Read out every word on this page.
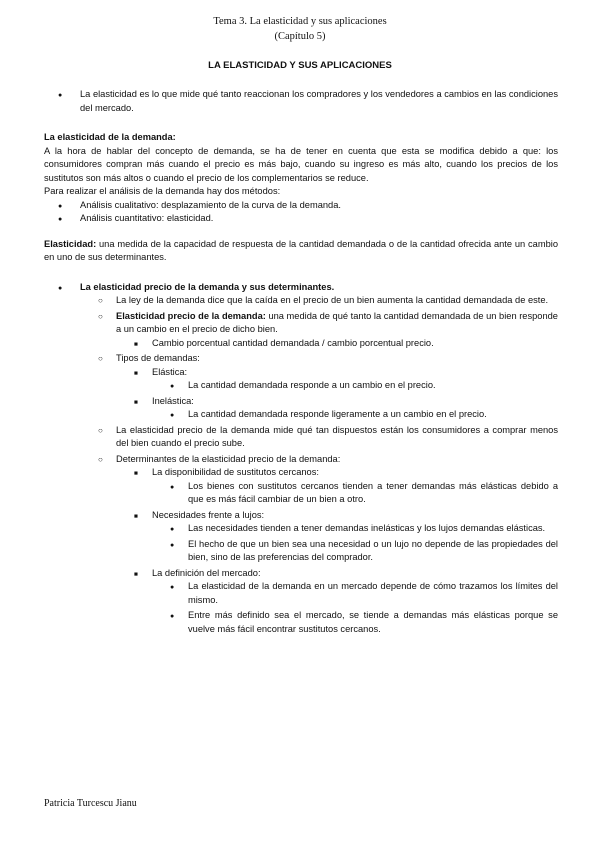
Tema 3. La elasticidad y sus aplicaciones
(Capítulo 5)
LA ELASTICIDAD Y SUS APLICACIONES
●
La elasticidad es lo que mide qué tanto reaccionan los compradores y los vendedores a cambios en las condiciones del mercado.
La elasticidad de la demanda:
A la hora de hablar del concepto de demanda, se ha de tener en cuenta que esta se modifica debido a que: los consumidores compran más cuando el precio es más bajo, cuando su ingreso es más alto, cuando los precios de los sustitutos son más altos o cuando el precio de los complementarios se reduce.
Para realizar el análisis de la demanda hay dos métodos:
●
Análisis cualitativo: desplazamiento de la curva de la demanda.
●
Análisis cuantitativo: elasticidad.
Elasticidad: una medida de la capacidad de respuesta de la cantidad demandada o de la cantidad ofrecida ante un cambio en uno de sus determinantes.
●
La elasticidad precio de la demanda y sus determinantes.
○
La ley de la demanda dice que la caída en el precio de un bien aumenta la cantidad demandada de este.
○
Elasticidad precio de la demanda: una medida de qué tanto la cantidad demandada de un bien responde a un cambio en el precio de dicho bien.
■
Cambio porcentual cantidad demandada / cambio porcentual precio.
○
Tipos de demandas:
■
Elástica:
●
La cantidad demandada responde a un cambio en el precio.
■
Inelástica:
●
La cantidad demandada responde ligeramente a un cambio en el precio.
○
La elasticidad precio de la demanda mide qué tan dispuestos están los consumidores a comprar menos del bien cuando el precio sube.
○
Determinantes de la elasticidad precio de la demanda:
■
La disponibilidad de sustitutos cercanos:
●
Los bienes con sustitutos cercanos tienden a tener demandas más elásticas debido a que es más fácil cambiar de un bien a otro.
■
Necesidades frente a lujos:
●
Las necesidades tienden a tener demandas inelásticas y los lujos demandas elásticas.
●
El hecho de que un bien sea una necesidad o un lujo no depende de las propiedades del bien, sino de las preferencias del comprador.
■
La definición del mercado:
●
La elasticidad de la demanda en un mercado depende de cómo trazamos los límites del mismo.
●
Entre más definido sea el mercado, se tiende a demandas más elásticas porque se vuelve más fácil encontrar sustitutos cercanos.
Patricia Turcescu Jianu
